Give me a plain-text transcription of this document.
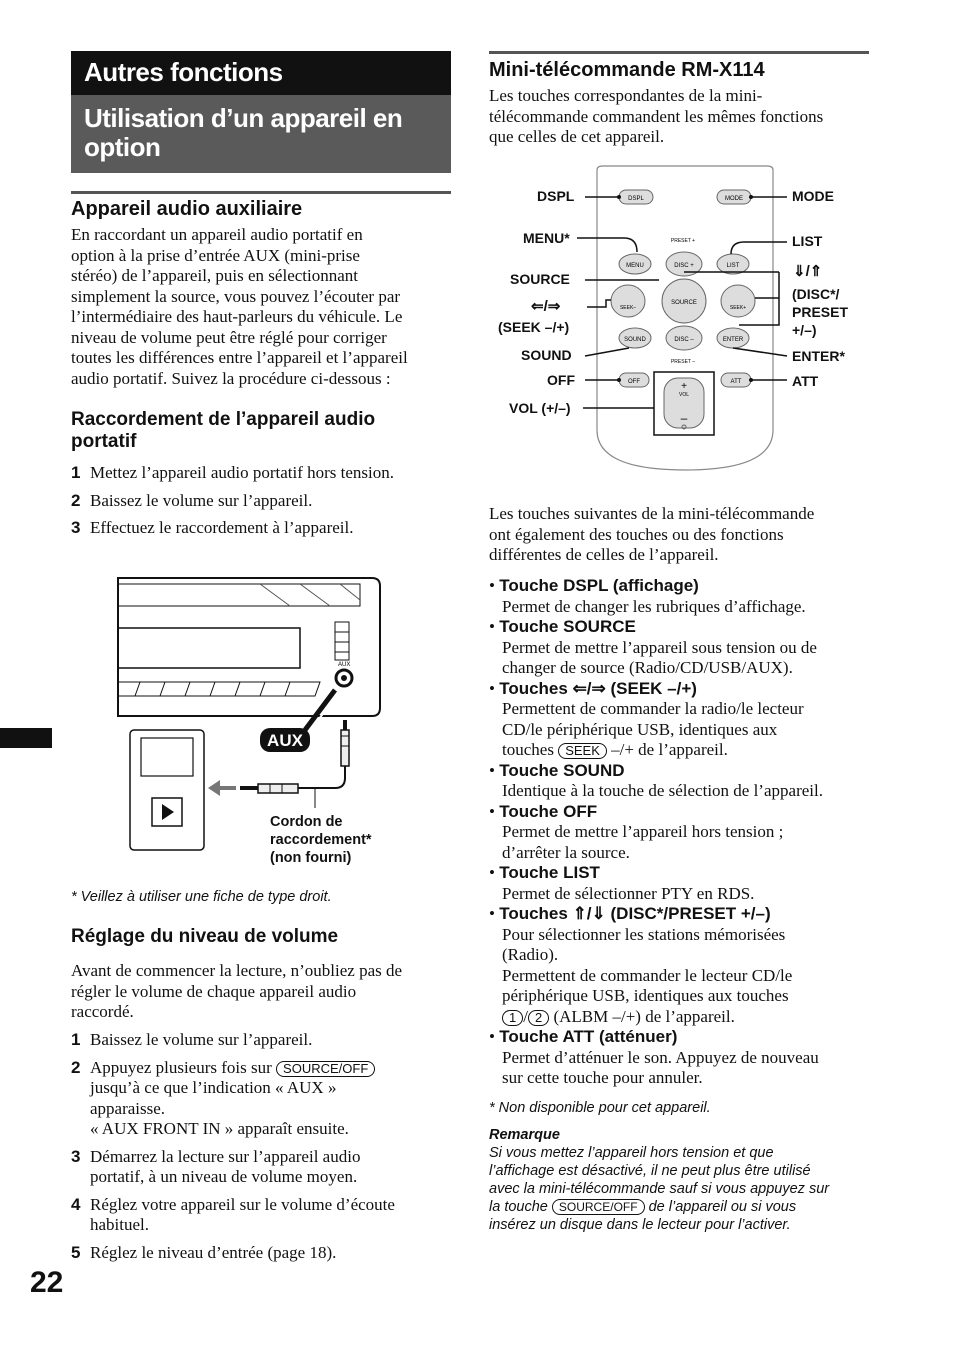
Autres fonctions
Utilisation d’un appareil en
option
Appareil audio auxiliaire

En raccordant un appareil audio portatif en

option à la prise d’entrée AUX (mini-prise

stéréo) de l’appareil, puis en sélectionnant

simplement la source, vous pouvez l’écouter par

l’intermédiaire des haut-parleurs du véhicule. Le

niveau de volume peut être réglé pour corriger

toutes les différences entre l’appareil et l’appareil

audio portatif. Suivez la procédure ci-dessous :

Raccordement de l’appareil audio
portatif
1 Mettez l’appareil audio portatif hors tension.
2 Baissez le volume sur l’appareil.
3 Effectuez le raccordement à l’appareil.
AUX
AUX
Cordon de
raccordement*
(non fourni)
* Veillez à utiliser une fiche de type droit.
Réglage du niveau de volume

Avant de commencer la lecture, n’oubliez pas de

régler le volume de chaque appareil audio

raccordé.

1 Baissez le volume sur l’appareil.
2 Appuyez plusieurs fois sur SOURCE/OFF
jusqu’à ce que l’indication « AUX »
apparaisse.
« AUX FRONT IN » apparaît ensuite.
3 Démarrez la lecture sur l’appareil audio
portatif, à un niveau de volume moyen.
4 Réglez votre appareil sur le volume d’écoute
habituel.
5 Réglez le niveau d’entrée (page 18).
22
Mini-télécommande RM-X114

Les touches correspondantes de la mini-

télécommande commandent les mêmes fonctions

que celles de cet appareil.

DSPL	MODE
PRESET +
MENU	LIST
DISC +
SEEK–
SOURCE
SEEK+
SOUND	DISC –	ENTER
PRESET –
OFF	ATT
+
VOL
–
DSPL
MENU*
SOURCE
⇐/⇒
(SEEK –/+)
SOUND
OFF
VOL (+/–)
MODE
LIST
⇓/⇑
(DISC*/
PRESET
+/–)
ENTER*
ATT

Les touches suivantes de la mini-télécommande

ont également des touches ou des fonctions

différentes de celles de l’appareil.

• Touche DSPL (affichage)
Permet de changer les rubriques d’affichage.
• Touche SOURCE
Permet de mettre l’appareil sous tension ou de
changer de source (Radio/CD/USB/AUX).
• Touches ⇐/⇒ (SEEK –/+)
Permettent de commander la radio/le lecteur
CD/le périphérique USB, identiques aux
touches SEEK –/+ de l’appareil.
• Touche SOUND
Identique à la touche de sélection de l’appareil.
• Touche OFF
Permet de mettre l’appareil hors tension ;
d’arrêter la source.
• Touche LIST
Permet de sélectionner PTY en RDS.
• Touches ⇑/⇓ (DISC*/PRESET +/–)
Pour sélectionner les stations mémorisées
(Radio).
Permettent de commander le lecteur CD/le
périphérique USB, identiques aux touches
1 / 2 (ALBM –/+) de l’appareil.
• Touche ATT (atténuer)
Permet d’atténuer le son. Appuyez de nouveau
sur cette touche pour annuler.
* Non disponible pour cet appareil.
Remarque
Si vous mettez l’appareil hors tension et que
l’affichage est désactivé, il ne peut plus être utilisé
avec la mini-télécommande sauf si vous appuyez sur
la touche SOURCE/OFF de l’appareil ou si vous
insérez un disque dans le lecteur pour l’activer.
